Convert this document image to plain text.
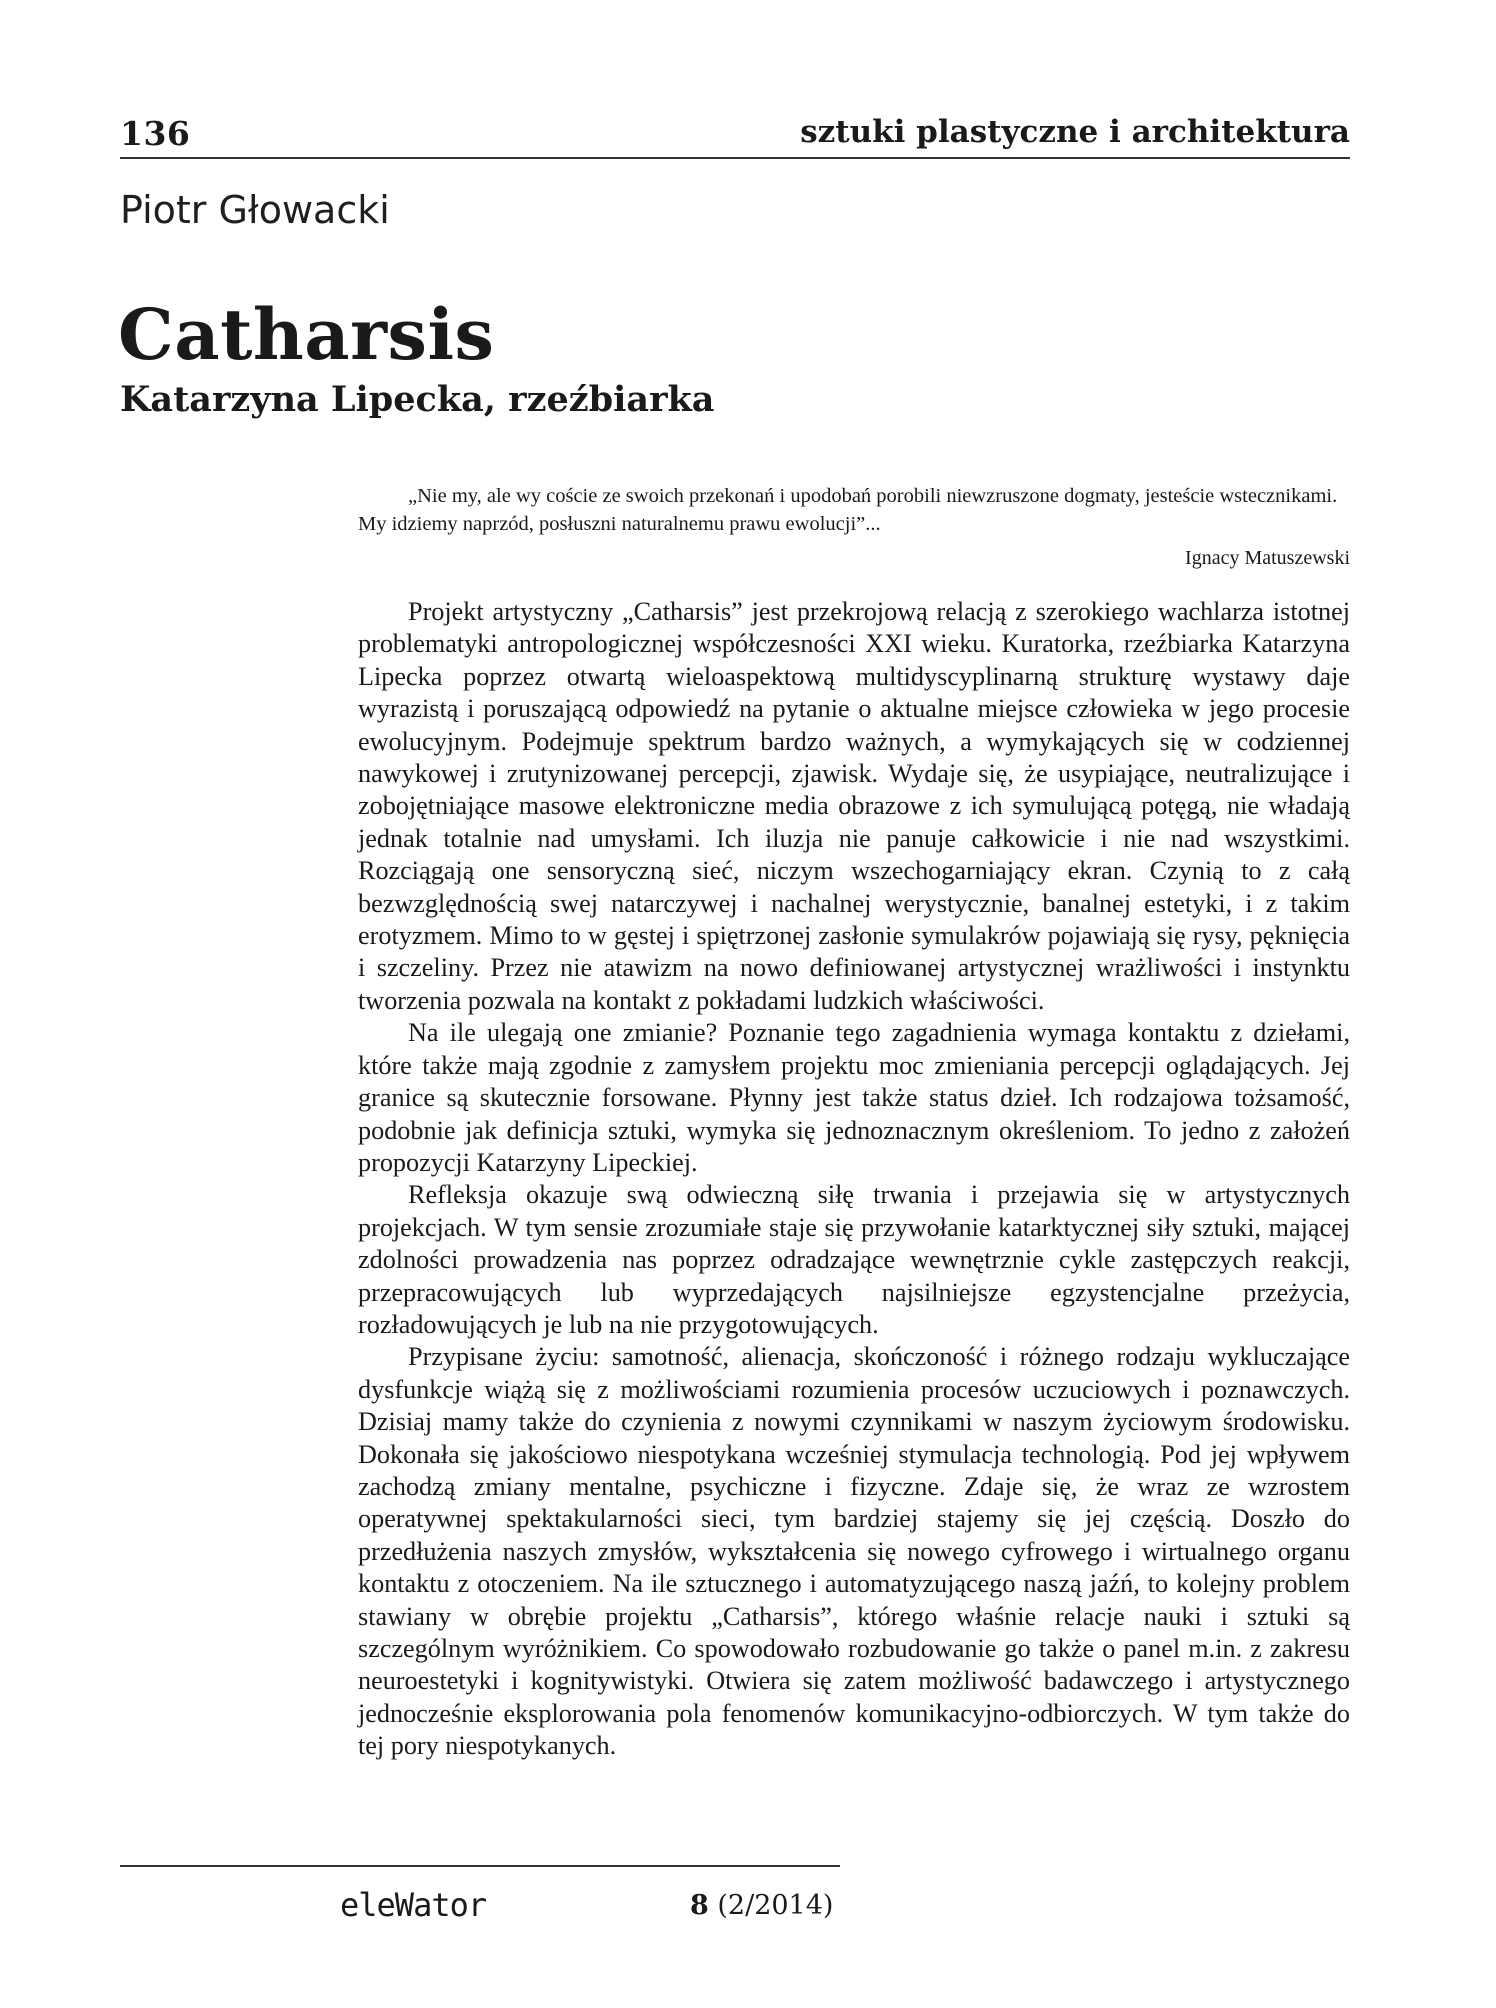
136	sztuki plastyczne i architektura
Piotr Głowacki
Catharsis
Katarzyna Lipecka, rzeźbiarka

„Nie my, ale wy coście ze swoich przekonań i upodobań porobili niewzruszone dogmaty, jesteście wstecznikami. My idziemy naprzód, posłuszni naturalnemu prawu ewolucji”...

Ignacy Matuszewski

Projekt artystyczny „Catharsis” jest przekrojową relacją z szerokiego wachlarza istotnej problematyki antropologicznej współczesności XXI wieku. Kuratorka, rzeźbiarka Katarzyna Lipecka poprzez otwartą wieloaspektową multidyscyplinarną strukturę wystawy daje wyrazistą i poruszającą odpowiedź na pytanie o aktualne miejsce człowieka w jego procesie ewolucyjnym. Podejmuje spektrum bardzo ważnych, a wymykających się w codziennej nawykowej i zrutynizowanej percepcji, zjawisk. Wydaje się, że usypiające, neutralizujące i zobojętniające masowe elektroniczne media obrazowe z ich symulującą potęgą, nie władają jednak totalnie nad umysłami. Ich iluzja nie panuje całkowicie i nie nad wszystkimi. Rozciągają one sensoryczną sieć, niczym wszechogarniający ekran. Czynią to z całą bezwzględnością swej natarczywej i nachalnej werystycznie, banalnej estetyki, i z takim erotyzmem. Mimo to w gęstej i spiętrzonej zasłonie symulakrów pojawiają się rysy, pęknięcia i szczeliny. Przez nie atawizm na nowo definiowanej artystycznej wrażliwości i instynktu tworzenia pozwala na kontakt z pokładami ludzkich właściwości.

Na ile ulegają one zmianie? Poznanie tego zagadnienia wymaga kontaktu z dziełami, które także mają zgodnie z zamysłem projektu moc zmieniania percepcji oglądających. Jej granice są skutecznie forsowane. Płynny jest także status dzieł. Ich rodzajowa tożsamość, podobnie jak definicja sztuki, wymyka się jednoznacznym określeniom. To jedno z założeń propozycji Katarzyny Lipeckiej.

Refleksja okazuje swą odwieczną siłę trwania i przejawia się w artystycznych projekcjach. W tym sensie zrozumiałe staje się przywołanie katarktycznej siły sztuki, mającej zdolności prowadzenia nas poprzez odradzające wewnętrznie cykle zastępczych reakcji, przepracowujących lub wyprzedających najsilniejsze egzystencjalne przeżycia, rozładowujących je lub na nie przygotowujących.

Przypisane życiu: samotność, alienacja, skończoność i różnego rodzaju wykluczające dysfunkcje wiążą się z możliwościami rozumienia procesów uczuciowych i poznawczych. Dzisiaj mamy także do czynienia z nowymi czynnikami w naszym życiowym środowisku. Dokonała się jakościowo niespotykana wcześniej stymulacja technologią. Pod jej wpływem zachodzą zmiany mentalne, psychiczne i fizyczne. Zdaje się, że wraz ze wzrostem operatywnej spektakularności sieci, tym bardziej stajemy się jej częścią. Doszło do przedłużenia naszych zmysłów, wykształcenia się nowego cyfrowego i wirtualnego organu kontaktu z otoczeniem. Na ile sztucznego i automatyzującego naszą jaźń, to kolejny problem stawiany w obrębie projektu „Catharsis”, którego właśnie relacje nauki i sztuki są szczególnym wyróżnikiem. Co spowodowało rozbudowanie go także o panel m.in. z zakresu neuroestetyki i kognitywistyki. Otwiera się zatem możliwość badawczego i artystycznego jednocześnie eksplorowania pola fenomenów komunikacyjno-odbiorczych. W tym także do tej pory niespotykanych.

eleWator	8 (2/2014)
